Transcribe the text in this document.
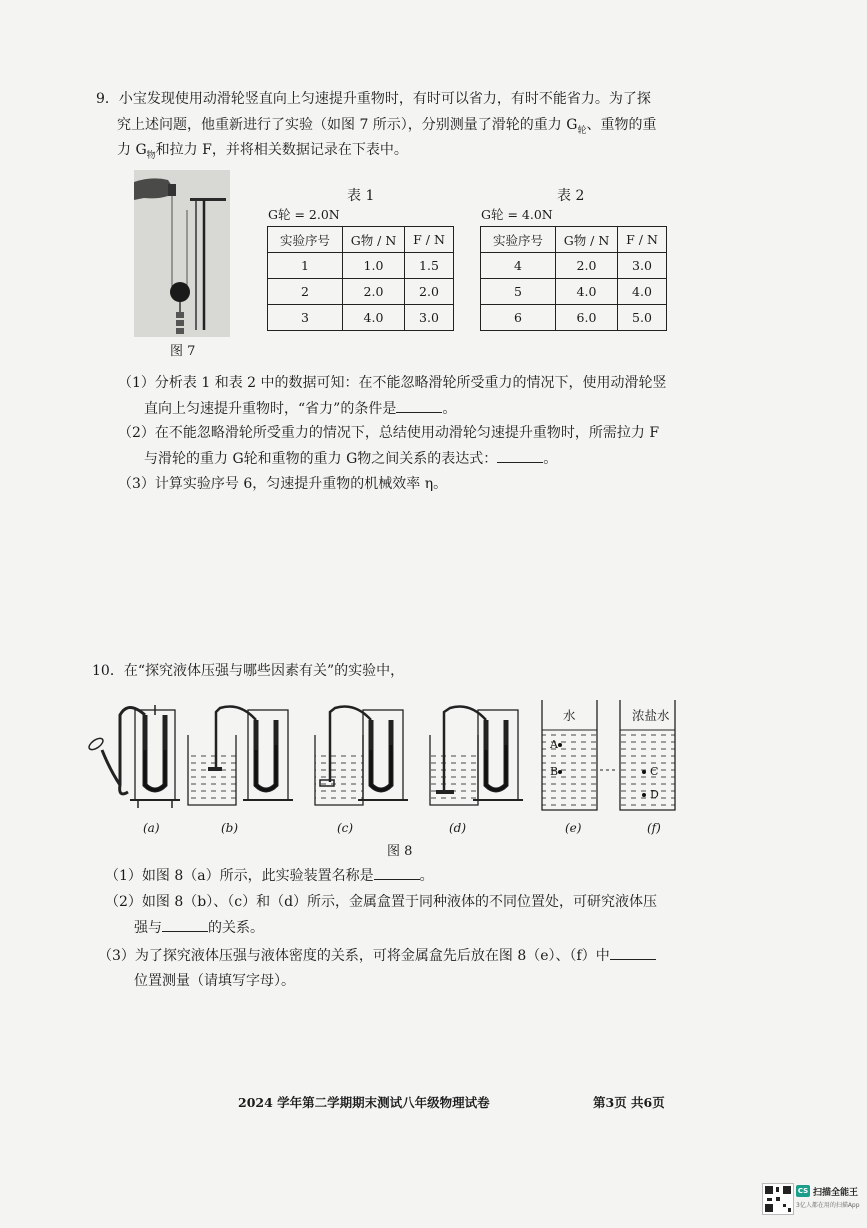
9．小宝发现使用动滑轮竖直向上匀速提升重物时，有时可以省力，有时不能省力。为了探
究上述问题，他重新进行了实验（如图 7 所示），分别测量了滑轮的重力 $G_轮$、重物的重
力 $G_物$和拉力 F，并将相关数据记录在下表中。
图 7
表 1
G轮 = 2.0N
实验序号	G物 / N	F / N
1	1.0	1.5
2	2.0	2.0
3	4.0	3.0
表 2
G轮 = 4.0N
实验序号	G物 / N	F / N
4	2.0	3.0
5	4.0	4.0
6	6.0	5.0
（1）分析表 1 和表 2 中的数据可知：在不能忽略滑轮所受重力的情况下，使用动滑轮竖
直向上匀速提升重物时，“省力”的条件是	。
（2）在不能忽略滑轮所受重力的情况下，总结使用动滑轮匀速提升重物时，所需拉力 F
与滑轮的重力 G轮和重物的重力 G物之间关系的表达式：	。
（3）计算实验序号 6，匀速提升重物的机械效率 η。
10．在“探究液体压强与哪些因素有关”的实验中，
水	浓盐水
A
B	C
D
(a)	(b)	(c)	(d)	(e)	(f)
图 8
（1）如图 8（a）所示，此实验装置名称是	。
（2）如图 8（b）、（c）和（d）所示，金属盒置于同种液体的不同位置处，可研究液体压
强与	的关系。
（3）为了探究液体压强与液体密度的关系，可将金属盒先后放在图 8（e）、（f）中
位置测量（请填写字母）。
2024 学年第二学期期末测试八年级物理试卷	第3页 共6页
CS 扫描全能王
3亿人都在用的扫描App
